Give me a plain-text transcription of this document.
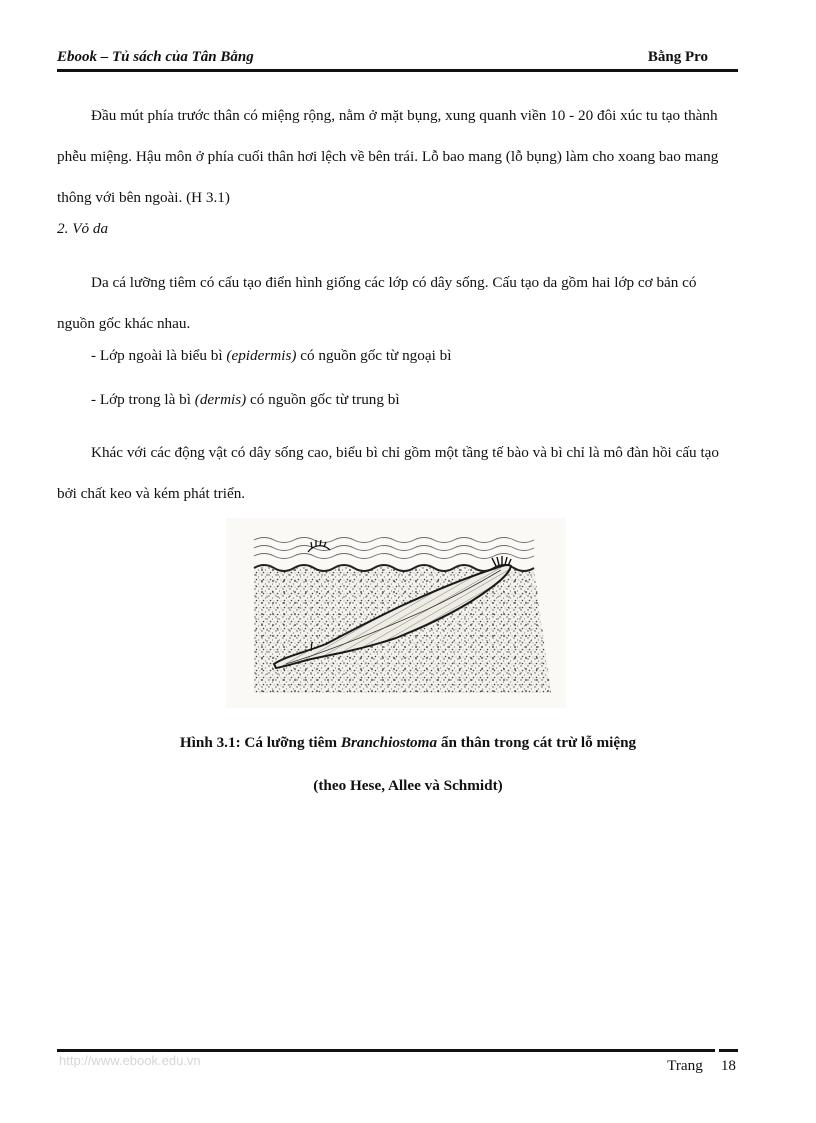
Ebook – Tủ sách của Tân Bằng	Bằng Pro

Đầu mút phía trước thân có miệng rộng, nằm ở mặt bụng, xung quanh viền 10 - 20 đôi xúc tu tạo thành phễu miệng. Hậu môn ở phía cuối thân hơi lệch về bên trái. Lỗ bao mang (lỗ bụng) làm cho xoang bao mang thông với bên ngoài. (H 3.1)

2. Vỏ da

Da cá lưỡng tiêm có cấu tạo điển hình giống các lớp có dây sống. Cấu tạo da gồm hai lớp cơ bản có nguồn gốc khác nhau.

- Lớp ngoài là biểu bì (epidermis) có nguồn gốc từ ngoại bì

- Lớp trong là bì (dermis) có nguồn gốc từ trung bì

Khác với các động vật có dây sống cao, biểu bì chỉ gồm một tầng tế bào và bì chỉ là mô đàn hồi cấu tạo bởi chất keo và kém phát triển.

Hình 3.1: Cá lưỡng tiêm Branchiostoma ẩn thân trong cát trừ lỗ miệng

(theo Hese, Allee và Schmidt)

http://www.ebook.edu.vn	Trang 18
